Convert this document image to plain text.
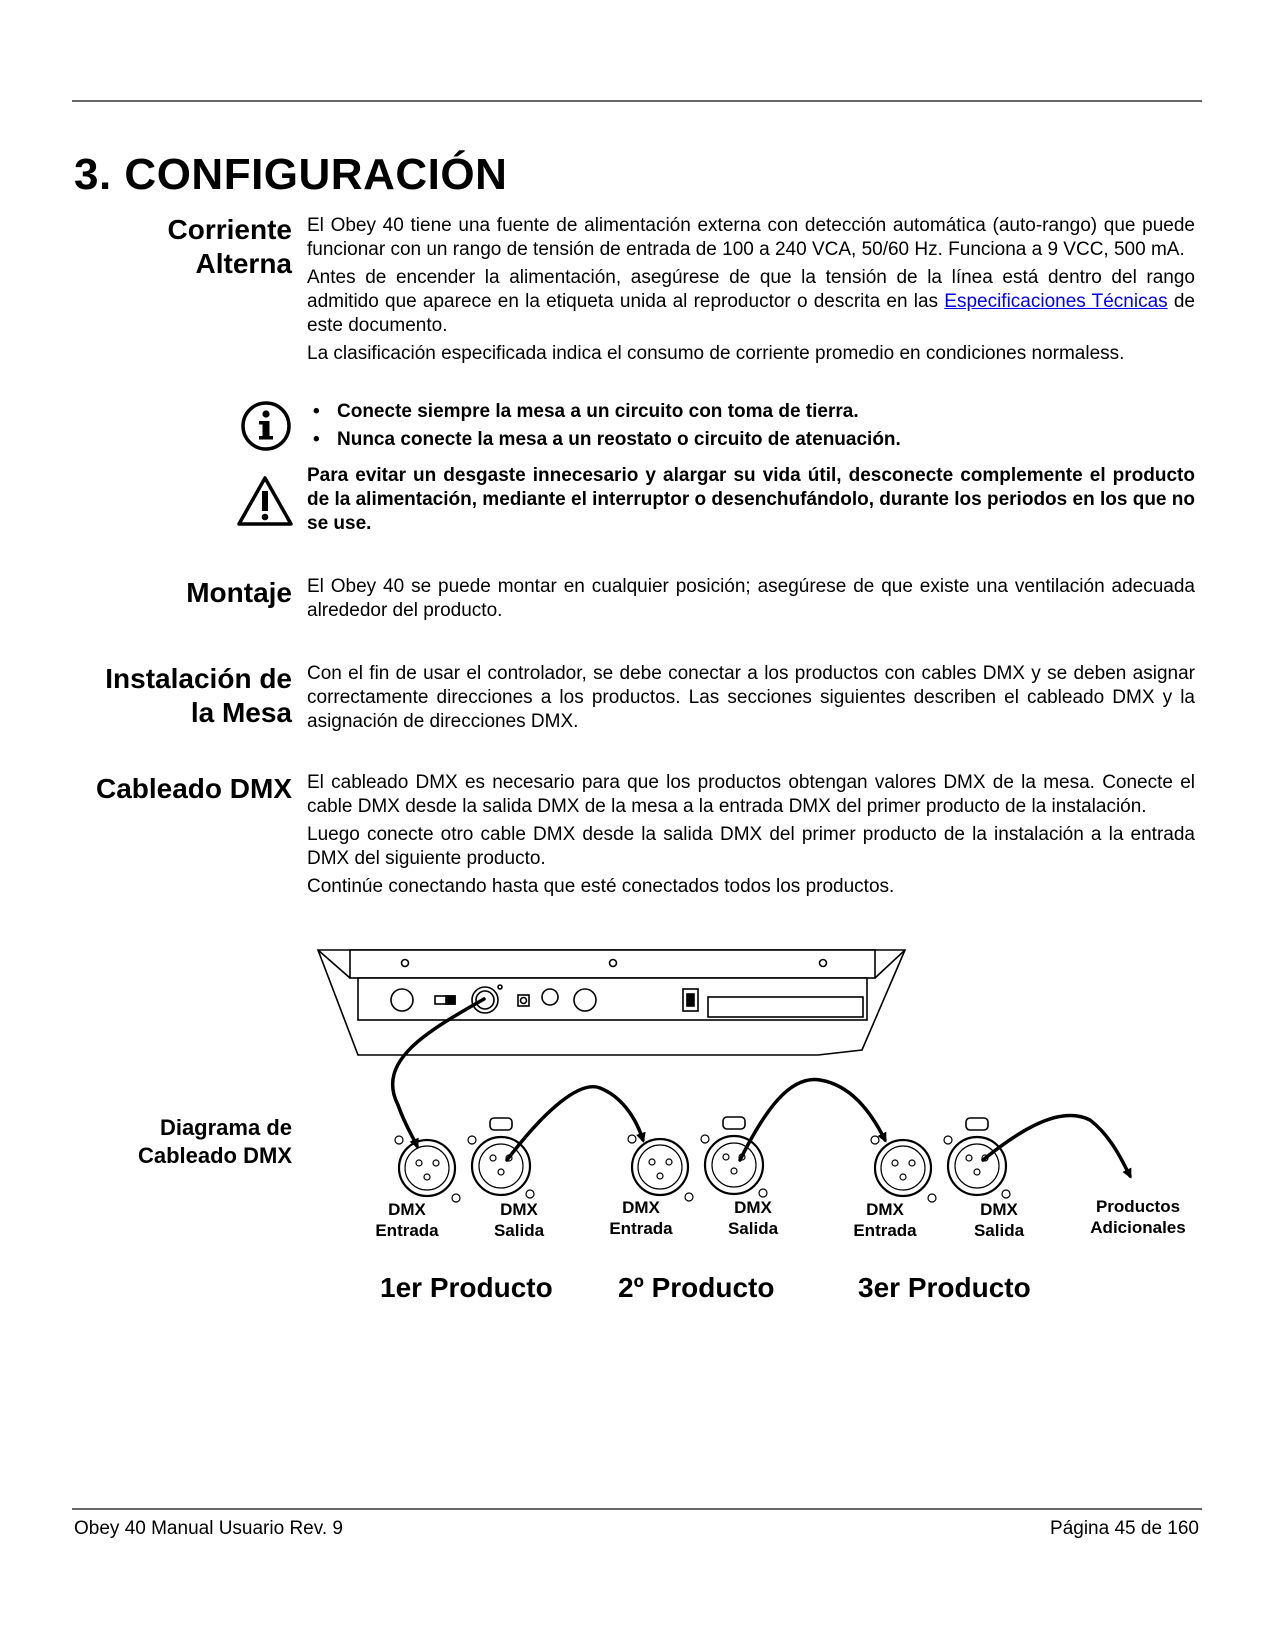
3. CONFIGURACIÓN
Corriente
Alterna

El Obey 40 tiene una fuente de alimentación externa con detección automática (auto-rango) que puede funcionar con un rango de tensión de entrada de 100 a 240 VCA, 50/60 Hz. Funciona a 9 VCC, 500 mA.

Antes de encender la alimentación, asegúrese de que la tensión de la línea está dentro del rango admitido que aparece en la etiqueta unida al reproductor o descrita en las Especificaciones Técnicas de este documento.

La clasificación especificada indica el consumo de corriente promedio en condiciones normaless.

• Conecte siempre la mesa a un circuito con toma de tierra.
• Nunca conecte la mesa a un reostato o circuito de atenuación.
Para evitar un desgaste innecesario y alargar su vida útil, desconecte complemente el producto de la alimentación, mediante el interruptor o desenchufándolo, durante los periodos en los que no se use.
Montaje El Obey 40 se puede montar en cualquier posición; asegúrese de que existe una ventilación adecuada alrededor del producto.

Instalación de
la Mesa

Con el fin de usar el controlador, se debe conectar a los productos con cables DMX y se deben asignar correctamente direcciones a los productos. Las secciones siguientes describen el cableado DMX y la asignación de direcciones DMX.

Cableado DMX El cableado DMX es necesario para que los productos obtengan valores DMX de la mesa. Conecte el cable DMX desde la salida DMX de la mesa a la entrada DMX del primer producto de la instalación.

Luego conecte otro cable DMX desde la salida DMX del primer producto de la instalación a la entrada DMX del siguiente producto.

Continúe conectando hasta que esté conectados todos los productos.

Diagrama de
Cableado DMX
DMX
Entrada
DMX
Salida
DMX
Entrada
DMX
Salida
DMX
Entrada
DMX
Salida
Productos
Adicionales
1er Producto 2º Producto	3er Producto
Obey 40 Manual Usuario Rev. 9	Página 45 de 160
